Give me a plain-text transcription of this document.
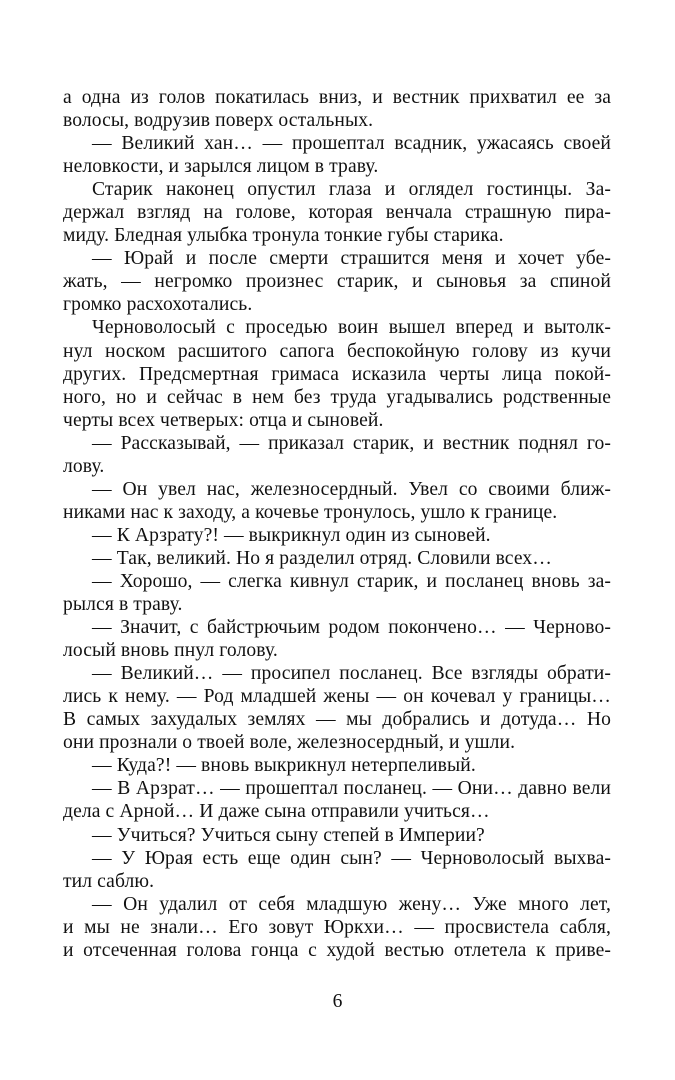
а одна из голов покатилась вниз, и вестник прихватил ее за
волосы, водрузив поверх остальных.
— Великий хан… — прошептал всадник, ужасаясь своей
неловкости, и зарылся лицом в траву.
Старик наконец опустил глаза и оглядел гостинцы. За-
держал взгляд на голове, которая венчала страшную пира-
миду. Бледная улыбка тронула тонкие губы старика.
— Юрай и после смерти страшится меня и хочет убе-
жать, — негромко произнес старик, и сыновья за спиной
громко расхохотались.
Черноволосый с проседью воин вышел вперед и вытолк-
нул носком расшитого сапога беспокойную голову из кучи
других. Предсмертная гримаса исказила черты лица покой-
ного, но и сейчас в нем без труда угадывались родственные
черты всех четверых: отца и сыновей.
— Рассказывай, — приказал старик, и вестник поднял го-
лову.
— Он увел нас, железносердный. Увел со своими ближ-
никами нас к заходу, а кочевье тронулось, ушло к границе.
— К Арзрату?! — выкрикнул один из сыновей.
— Так, великий. Но я разделил отряд. Словили всех…
— Хорошо, — слегка кивнул старик, и посланец вновь за-
рылся в траву.
— Значит, с байстрючьим родом покончено… — Черново-
лосый вновь пнул голову.
— Великий… — просипел посланец. Все взгляды обрати-
лись к нему. — Род младшей жены — он кочевал у границы…
В самых захудалых землях — мы добрались и дотуда… Но
они прознали о твоей воле, железносердный, и ушли.
— Куда?! — вновь выкрикнул нетерпеливый.
— В Арзрат… — прошептал посланец. — Они… давно вели
дела с Арной… И даже сына отправили учиться…
— Учиться? Учиться сыну степей в Империи?
— У Юрая есть еще один сын? — Черноволосый выхва-
тил саблю.
— Он удалил от себя младшую жену… Уже много лет,
и мы не знали… Его зовут Юркхи… — просвистела сабля,
и отсеченная голова гонца с худой вестью отлетела к приве-
6
